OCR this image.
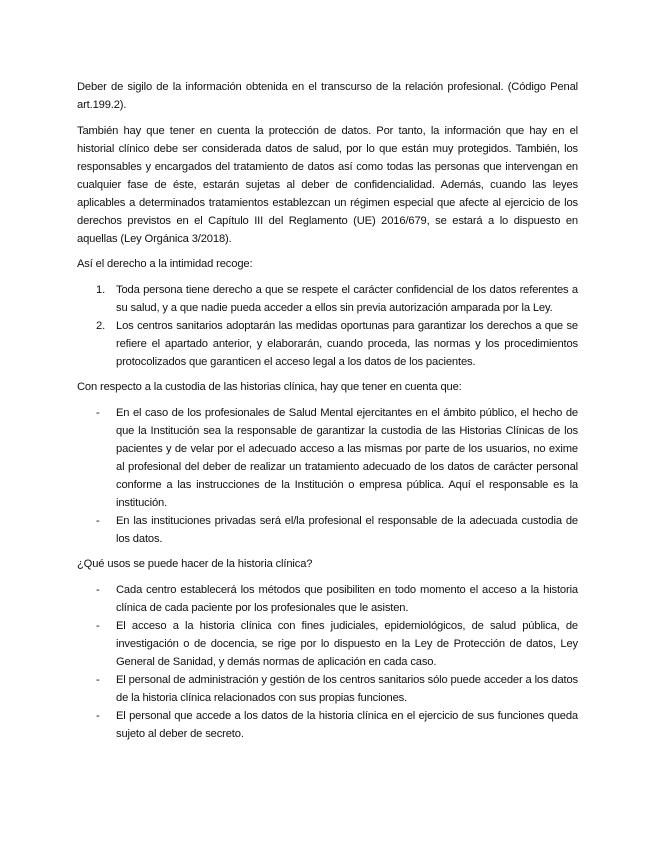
Deber de sigilo de la información obtenida en el transcurso de la relación profesional. (Código Penal art.199.2).

También hay que tener en cuenta la protección de datos. Por tanto, la información que hay en el historial clínico debe ser considerada datos de salud, por lo que están muy protegidos. También, los responsables y encargados del tratamiento de datos así como todas las personas que intervengan en cualquier fase de éste, estarán sujetas al deber de confidencialidad. Además, cuando las leyes aplicables a determinados tratamientos establezcan un régimen especial que afecte al ejercicio de los derechos previstos en el Capítulo III del Reglamento (UE) 2016/679, se estará a lo dispuesto en aquellas (Ley Orgánica 3/2018).

Así el derecho a la intimidad recoge:

1. Toda persona tiene derecho a que se respete el carácter confidencial de los datos referentes a su salud, y a que nadie pueda acceder a ellos sin previa autorización amparada por la Ley.
2. Los centros sanitarios adoptarán las medidas oportunas para garantizar los derechos a que se refiere el apartado anterior, y elaborarán, cuando proceda, las normas y los procedimientos protocolizados que garanticen el acceso legal a los datos de los pacientes.

Con respecto a la custodia de las historias clínica, hay que tener en cuenta que:

- En el caso de los profesionales de Salud Mental ejercitantes en el ámbito público, el hecho de que la Institución sea la responsable de garantizar la custodia de las Historias Clínicas de los pacientes y de velar por el adecuado acceso a las mismas por parte de los usuarios, no exime al profesional del deber de realizar un tratamiento adecuado de los datos de carácter personal conforme a las instrucciones de la Institución o empresa pública. Aquí el responsable es la institución.
- En las instituciones privadas será el/la profesional el responsable de la adecuada custodia de los datos.

¿Qué usos se puede hacer de la historia clínica?

- Cada centro establecerá los métodos que posibiliten en todo momento el acceso a la historia clínica de cada paciente por los profesionales que le asisten.
- El acceso a la historia clínica con fines judiciales, epidemiológicos, de salud pública, de investigación o de docencia, se rige por lo dispuesto en la Ley de Protección de datos, Ley General de Sanidad, y demás normas de aplicación en cada caso.
- El personal de administración y gestión de los centros sanitarios sólo puede acceder a los datos de la historia clínica relacionados con sus propias funciones.
- El personal que accede a los datos de la historia clínica en el ejercicio de sus funciones queda sujeto al deber de secreto.
